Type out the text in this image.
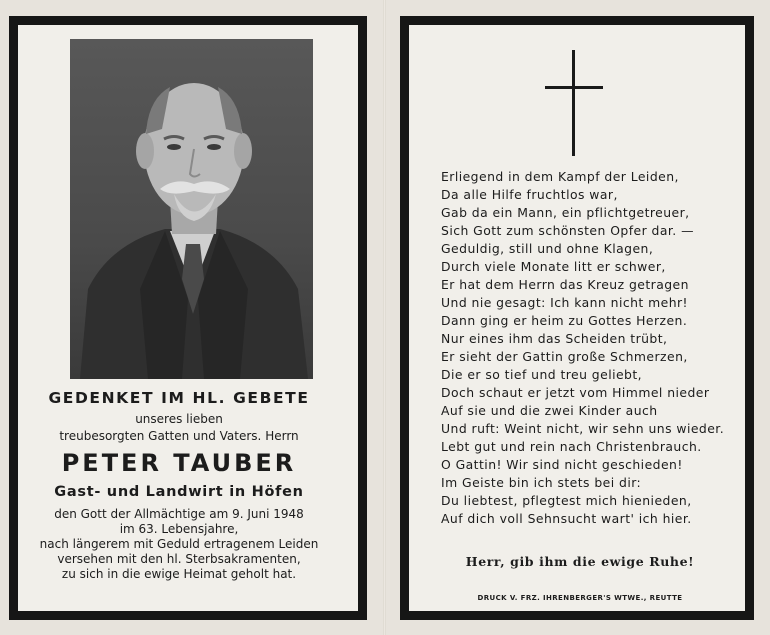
GEDENKET IM HL. GEBETE
unseres lieben
treubesorgten Gatten und Vaters. Herrn
PETER TAUBER
Gast- und Landwirt in Höfen
den Gott der Allmächtige am 9. Juni 1948
im 63. Lebensjahre,
nach längerem mit Geduld ertragenem Leiden
versehen mit den hl. Sterbsakramenten,
zu sich in die ewige Heimat geholt hat.
Erliegend in dem Kampf der Leiden,
Da alle Hilfe fruchtlos war,
Gab da ein Mann, ein pflichtgetreuer,
Sich Gott zum schönsten Opfer dar. —
Geduldig, still und ohne Klagen,
Durch viele Monate litt er schwer,
Er hat dem Herrn das Kreuz getragen
Und nie gesagt: Ich kann nicht mehr!
Dann ging er heim zu Gottes Herzen.
Nur eines ihm das Scheiden trübt,
Er sieht der Gattin große Schmerzen,
Die er so tief und treu geliebt,
Doch schaut er jetzt vom Himmel nieder
Auf sie und die zwei Kinder auch
Und ruft: Weint nicht, wir sehn uns wieder.
Lebt gut und rein nach Christenbrauch.
O Gattin! Wir sind nicht geschieden!
Im Geiste bin ich stets bei dir:
Du liebtest, pflegtest mich hienieden,
Auf dich voll Sehnsucht wart' ich hier.
Herr, gib ihm die ewige Ruhe!
DRUCK V. FRZ. IHRENBERGER'S WTWE., REUTTE
